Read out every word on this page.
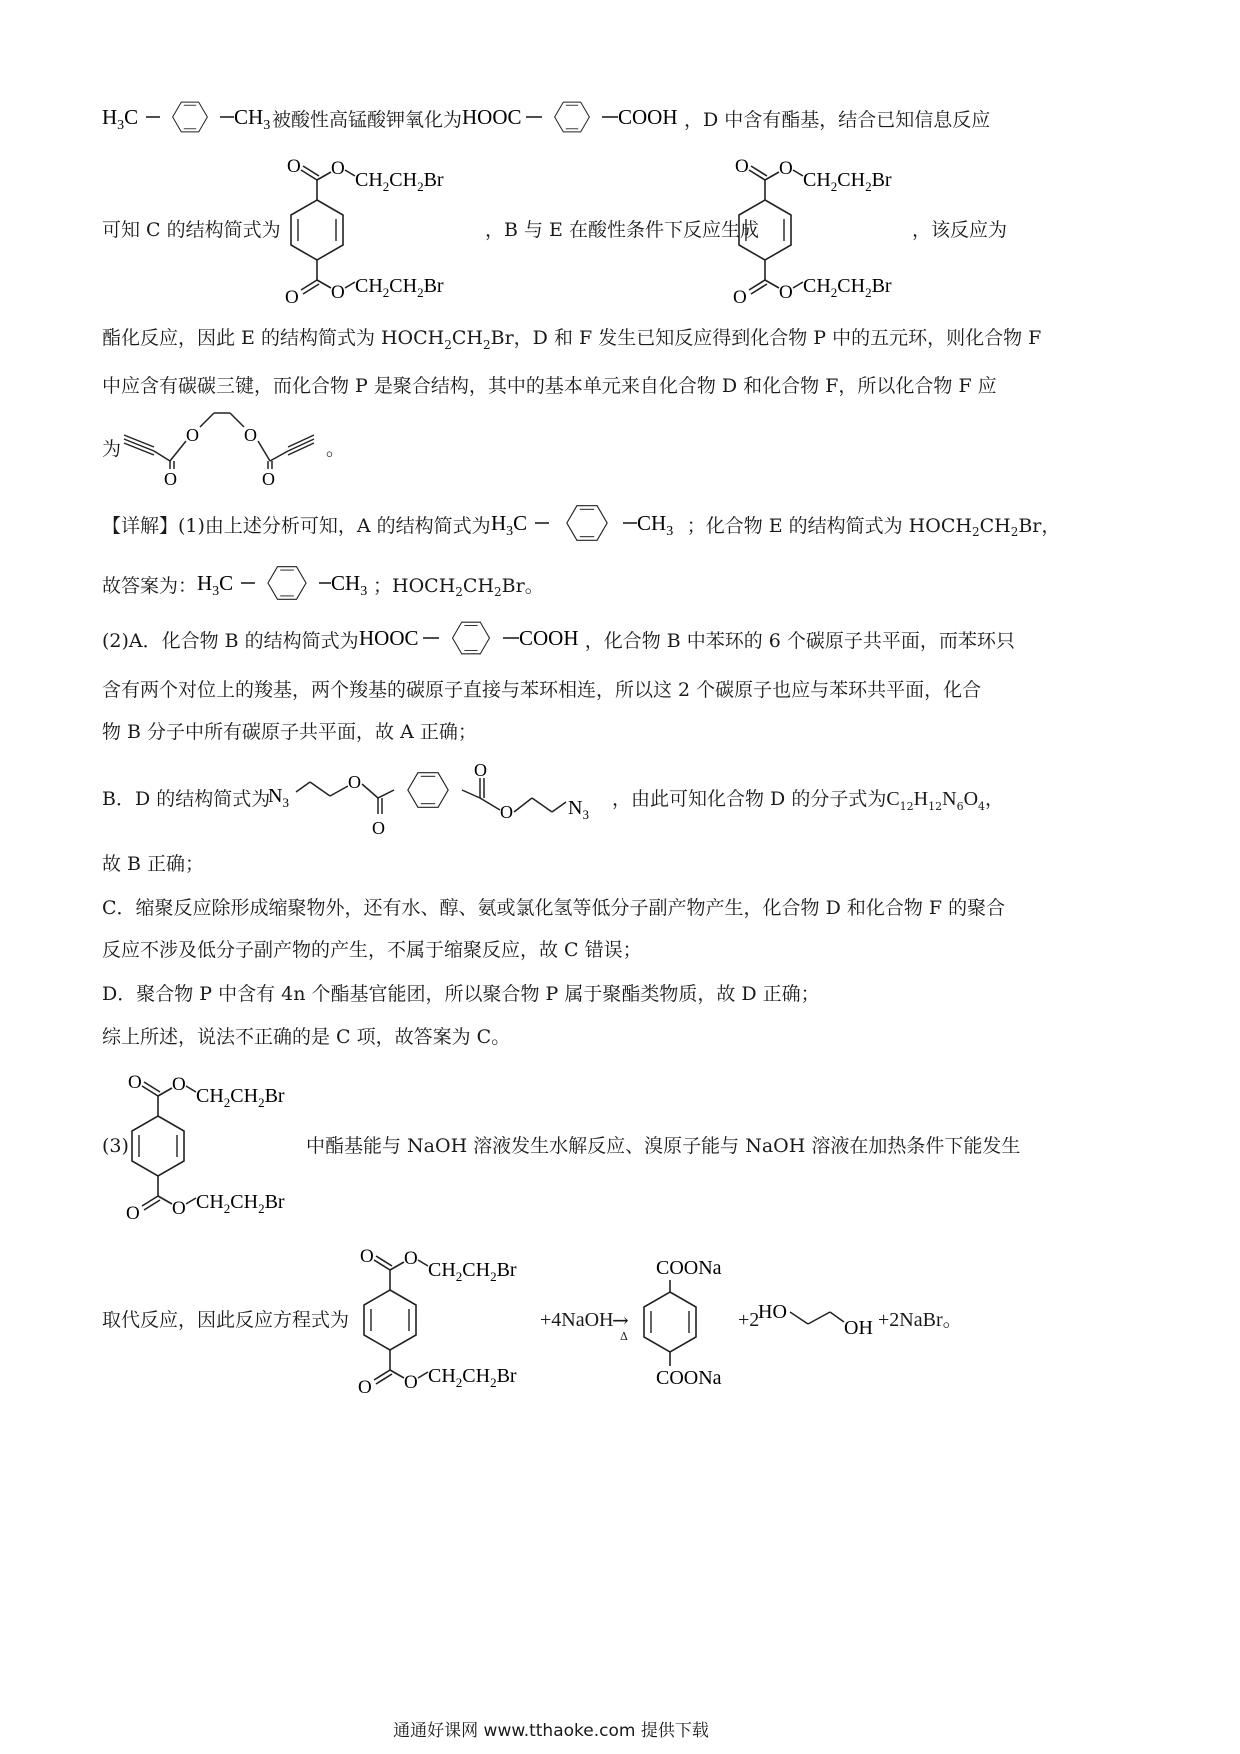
$H_3C$	$CH_3$ 被酸性高锰酸钾氧化为 HOOC	COOH ，D 中含有酯基，结合已知信息反应
O O
$CH_2CH_2Br$
O O $CH_2CH_2Br$
O O
$CH_2CH_2Br$
O O $CH_2CH_2Br$
可知 C 的结构简式为	，B 与 E 在酸性条件下反应生成	，该反应为
酯化反应，因此 E 的结构简式为 $HOCH_2CH_2Br$，D 和 F 发生已知反应得到化合物 P 中的五元环，则化合物 F
中应含有碳碳三键，而化合物 P 是聚合结构，其中的基本单元来自化合物 D 和化合物 F，所以化合物 F 应
为
O
O	O
O
。
【详解】(1)由上述分析可知，A 的结构简式为 $H_3C$	$CH_3$ ；化合物 E 的结构简式为 $HOCH_2CH_2Br$，
故答案为： $H_3C$	$CH_3$ ；$HOCH_2CH_2Br$。
(2)A．化合物 B 的结构简式为 HOOC	COOH ，化合物 B 中苯环的 6 个碳原子共平面，而苯环只
含有两个对位上的羧基，两个羧基的碳原子直接与苯环相连，所以这 2 个碳原子也应与苯环共平面，化合
物 B 分子中所有碳原子共平面，故 A 正确；
B．D 的结构简式为
$N_3$
O
O
O
O	$N_3$
，由此可知化合物 D 的分子式为$C_{12}H_{12}N_6O_4$，
故 B 正确；
C．缩聚反应除形成缩聚物外，还有水、醇、氨或氯化氢等低分子副产物产生，化合物 D 和化合物 F 的聚合
反应不涉及低分子副产物的产生，不属于缩聚反应，故 C 错误；
D．聚合物 P 中含有 4n 个酯基官能团，所以聚合物 P 属于聚酯类物质，故 D 正确；
综上所述，说法不正确的是 C 项，故答案为 C。
(3)
O O
$CH_2CH_2Br$
O O $CH_2CH_2Br$
中酯基能与 NaOH 溶液发生水解反应、溴原子能与 NaOH 溶液在加热条件下能发生
取代反应，因此反应方程式为
O O
$CH_2CH_2Br$
O O $CH_2CH_2Br$
+4NaOH
→
Δ
COONa
COONa
+2
HO
OH +2NaBr。
通通好课网 www.tthaoke.com 提供下载
